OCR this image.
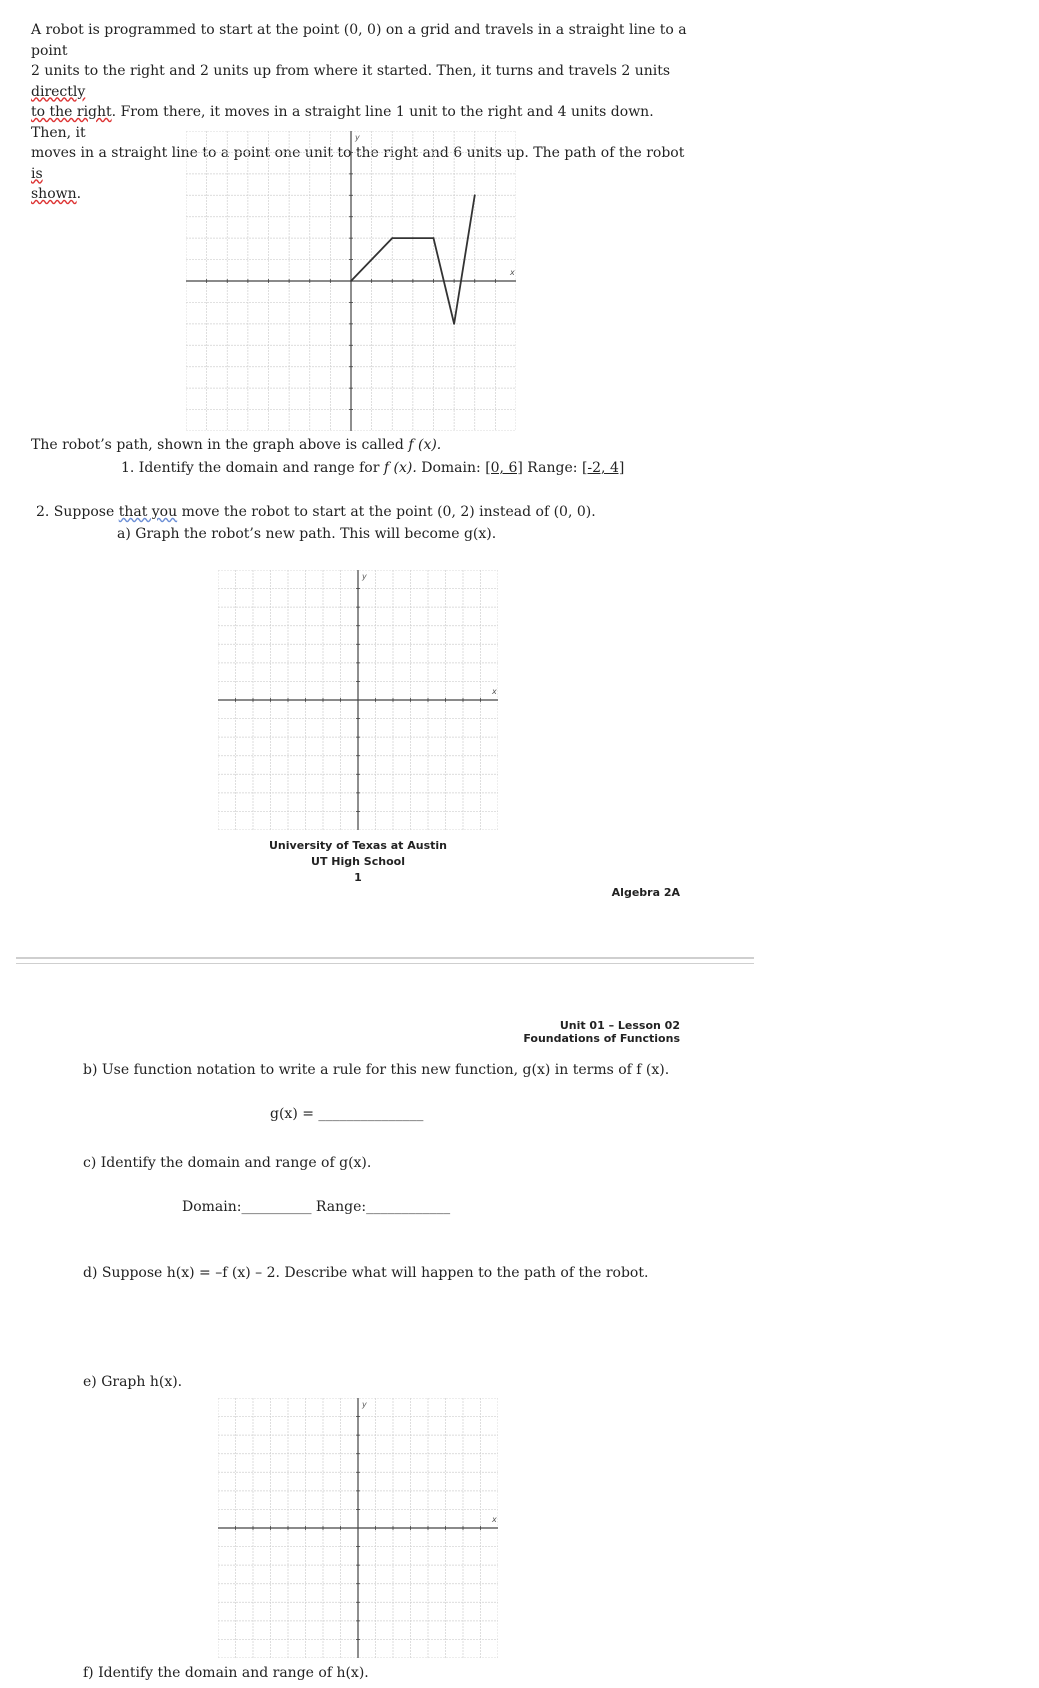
A robot is programmed to start at the point (0, 0) on a grid and travels in a straight line to a point
2 units to the right and 2 units up from where it started. Then, it turns and travels 2 units directly
to the right. From there, it moves in a straight line 1 unit to the right and 4 units down. Then, it
moves in a straight line to a point one unit to the right and 6 units up. The path of the robot is
shown.
x
y
The robot’s path, shown in the graph above is called f (x).
1. Identify the domain and range for f (x). Domain: [0, 6] Range: [-2, 4]
2. Suppose that you move the robot to start at the point (0, 2) instead of (0, 0).
a) Graph the robot’s new path. This will become g(x).
x
y
University of Texas at Austin
UT High School
1
Algebra 2A
Unit 01 – Lesson 02
Foundations of Functions
b) Use function notation to write a rule for this new function, g(x) in terms of f (x).
g(x) = _______________
c) Identify the domain and range of g(x).
Domain:__________ Range:____________
d) Suppose h(x) = –f (x) – 2. Describe what will happen to the path of the robot.
e) Graph h(x).
x
y
f) Identify the domain and range of h(x).
